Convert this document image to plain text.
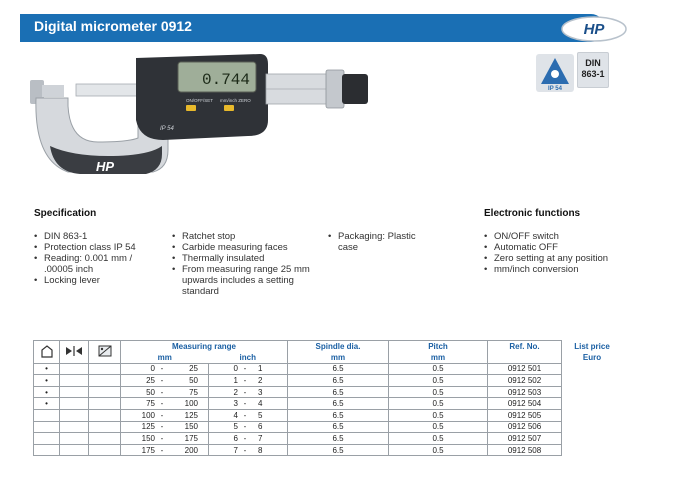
Digital micrometer 0912	HP
IP 54
DIN
863-1
HP
0.744
ON/OFF/SET mm/inch ZERO
IP 54
Specification
• DIN 863-1
• Protection class IP 54
• Reading: 0.001 mm / .00005 inch
• Locking lever
• Ratchet stop
• Carbide measuring faces
• Thermally insulated
• From measuring range 25 mm upwards includes a setting standard
• Packaging: Plastic case
Electronic functions
• ON/OFF switch
• Automatic OFF
• Zero setting at any position
• mm/inch conversion
			Measuring range						Spindle dia.	Pitch	Ref. No.	List price
			mm			inch			mm	mm		Euro
•			0	-	25	0	-	1	6.5	0.5	0912 501	
•			25	-	50	1	-	2	6.5	0.5	0912 502	
•			50	-	75	2	-	3	6.5	0.5	0912 503	
•			75	-	100	3	-	4	6.5	0.5	0912 504	
			100	-	125	4	-	5	6.5	0.5	0912 505	
			125	-	150	5	-	6	6.5	0.5	0912 506	
			150	-	175	6	-	7	6.5	0.5	0912 507	
			175	-	200	7	-	8	6.5	0.5	0912 508	
